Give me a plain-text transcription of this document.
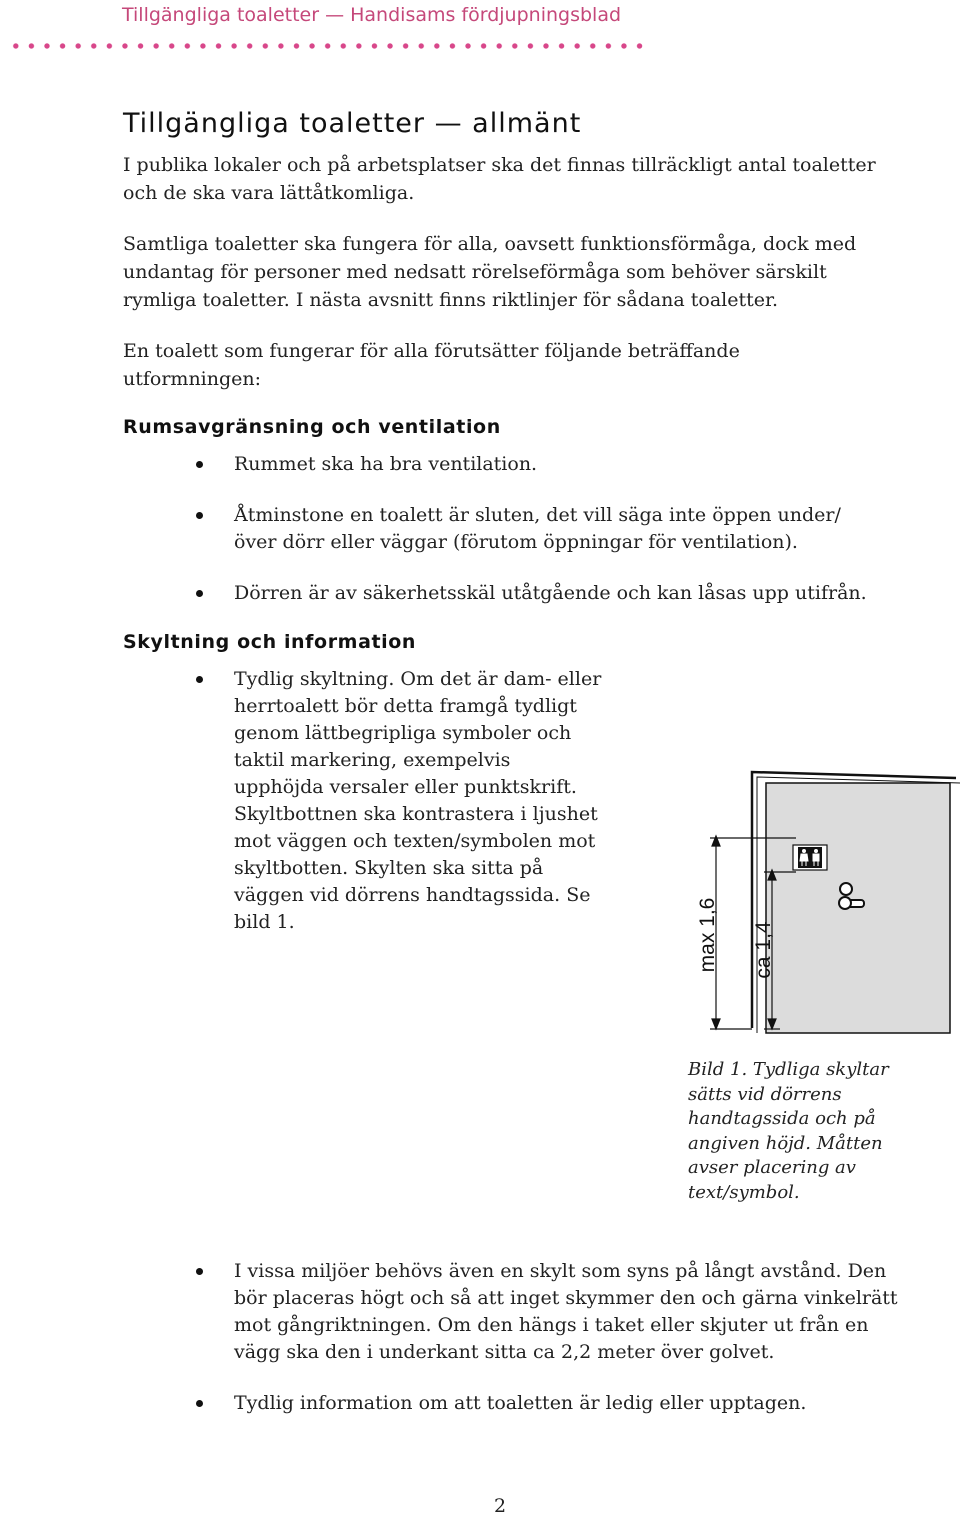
Tillgängliga toaletter — Handisams fördjupningsblad
Tillgängliga toaletter — allmänt

I publika lokaler och på arbetsplatser ska det finnas tillräckligt antal toaletter och de ska vara lättåtkomliga.

Samtliga toaletter ska fungera för alla, oavsett funktionsförmåga, dock med undantag för personer med nedsatt rörelseförmåga som behöver särskilt rymliga toaletter. I nästa avsnitt finns riktlinjer för sådana toaletter.

En toalett som fungerar för alla förutsätter följande beträffande utformningen:

Rumsavgränsning och ventilation
Rummet ska ha bra ventilation.
Åtminstone en toalett är sluten, det vill säga inte öppen under/över dörr eller väggar (förutom öppningar för ventilation).
Dörren är av säkerhetsskäl utåtgående och kan låsas upp utifrån.
Skyltning och information
Tydlig skyltning. Om det är dam- eller herrtoalett bör detta framgå tydligt genom lättbegripliga symboler och taktil markering, exempelvis upphöjda versaler eller punktskrift. Skyltbottnen ska kontrastera i ljushet mot väggen och texten/symbolen mot skyltbotten. Skylten ska sitta på väggen vid dörrens handtagssida. Se bild 1.	max 1,6 ca 1,4
Bild 1. Tydliga skyltar sätts vid dörrens handtagssida och på angiven höjd. Måtten avser placering av text/symbol.
I vissa miljöer behövs även en skylt som syns på långt avstånd. Den bör placeras högt och så att inget skymmer den och gärna vinkelrätt mot gångriktningen. Om den hängs i taket eller skjuter ut från en vägg ska den i underkant sitta ca 2,2 meter över golvet.
Tydlig information om att toaletten är ledig eller upptagen.
2
